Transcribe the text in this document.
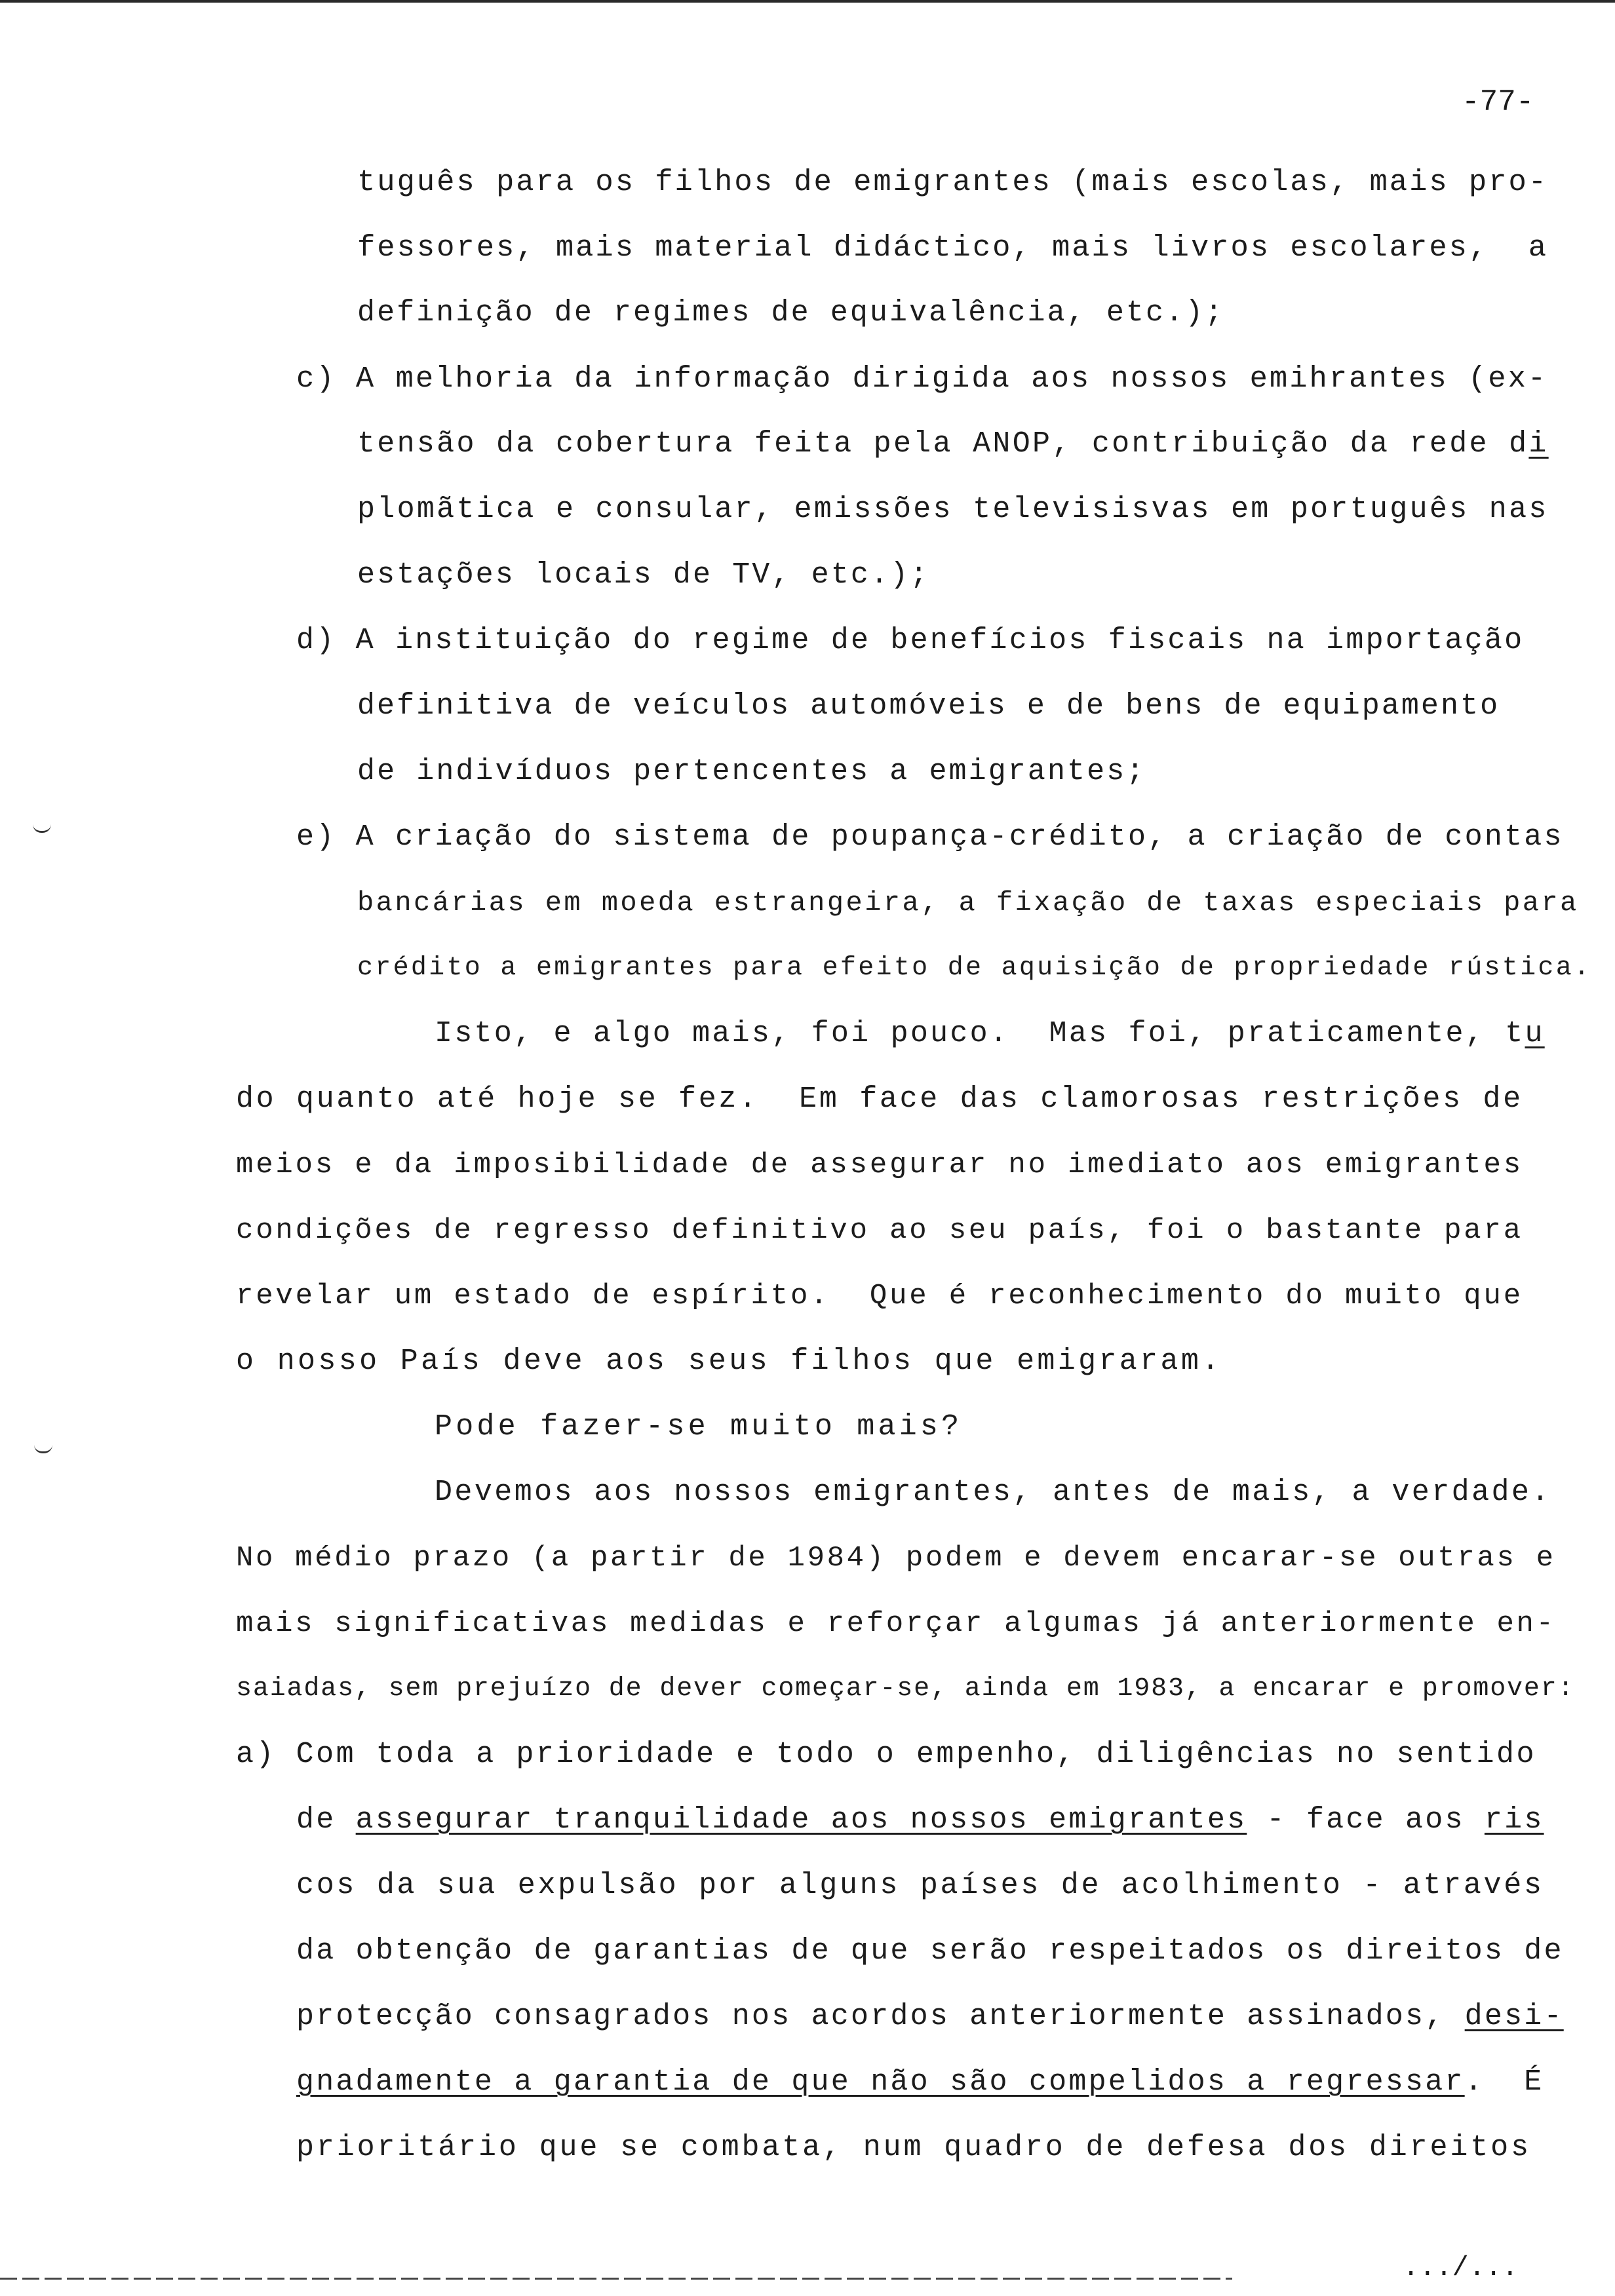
-77-
tuguês para os filhos de emigrantes (mais escolas, mais pro-
fessores, mais material didáctico, mais livros escolares,  a
definição de regimes de equivalência, etc.);
c) A melhoria da informação dirigida aos nossos emihrantes (ex-
tensão da cobertura feita pela ANOP, contribuição da rede di
plomãtica e consular, emissões televisisvas em português nas
estações locais de TV, etc.);
d) A instituição do regime de benefícios fiscais na importação
definitiva de veículos automóveis e de bens de equipamento
de indivíduos pertencentes a emigrantes;
e) A criação do sistema de poupança-crédito, a criação de contas
bancárias em moeda estrangeira, a fixação de taxas especiais para
crédito a emigrantes para efeito de aquisição de propriedade rústica.
Isto, e algo mais, foi pouco.  Mas foi, praticamente, tu
do quanto até hoje se fez.  Em face das clamorosas restrições de
meios e da imposibilidade de assegurar no imediato aos emigrantes
condições de regresso definitivo ao seu país, foi o bastante para
revelar um estado de espírito.  Que é reconhecimento do muito que
o nosso País deve aos seus filhos que emigraram.
Pode fazer-se muito mais?
Devemos aos nossos emigrantes, antes de mais, a verdade.
No médio prazo (a partir de 1984) podem e devem encarar-se outras e
mais significativas medidas e reforçar algumas já anteriormente en-
saiadas, sem prejuízo de dever começar-se, ainda em 1983, a encarar e promover:
a) Com toda a prioridade e todo o empenho, diligências no sentido
de assegurar tranquilidade aos nossos emigrantes - face aos ris
cos da sua expulsão por alguns países de acolhimento - através
da obtenção de garantias de que serão respeitados os direitos de
protecção consagrados nos acordos anteriormente assinados, desi-
gnadamente a garantia de que não são compelidos a regressar.  É
prioritário que se combata, num quadro de defesa dos direitos
.../...
